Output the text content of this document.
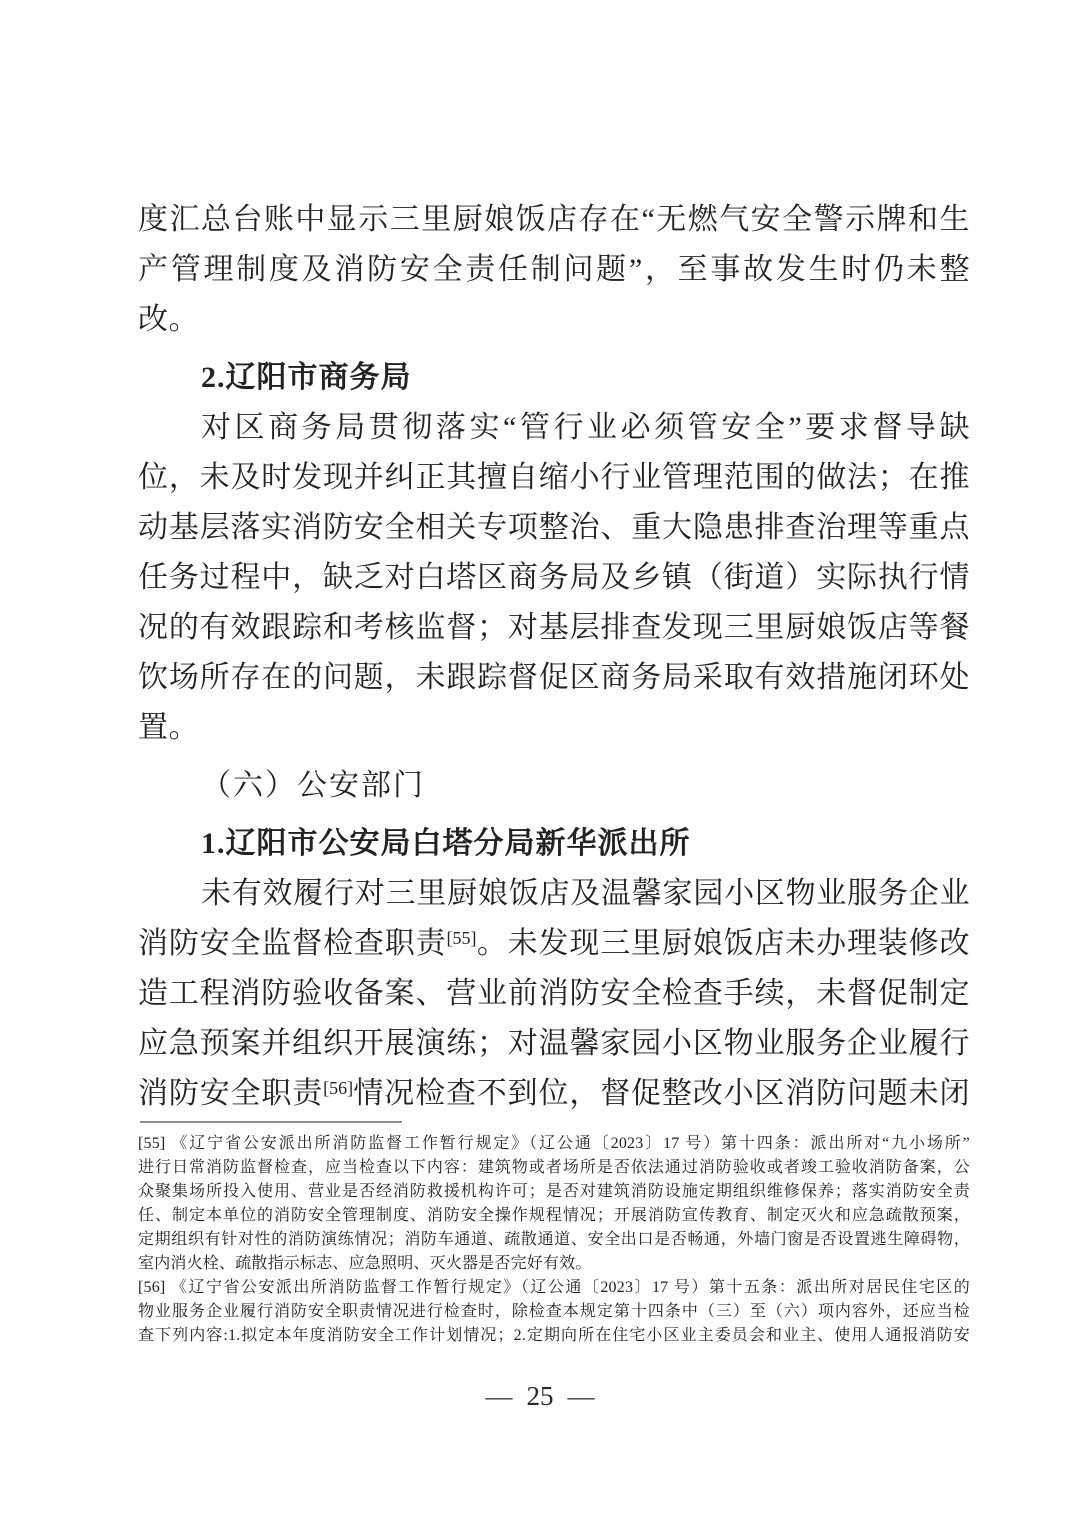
度汇总台账中显示三里厨娘饭店存在“无燃气安全警示牌和生
产管理制度及消防安全责任制问题”，至事故发生时仍未整
改。
2.辽阳市商务局
对区商务局贯彻落实“管行业必须管安全”要求督导缺
位，未及时发现并纠正其擅自缩小行业管理范围的做法；在推
动基层落实消防安全相关专项整治、重大隐患排查治理等重点
任务过程中，缺乏对白塔区商务局及乡镇（街道）实际执行情
况的有效跟踪和考核监督；对基层排查发现三里厨娘饭店等餐
饮场所存在的问题，未跟踪督促区商务局采取有效措施闭环处
置。
（六）公安部门
1.辽阳市公安局白塔分局新华派出所
未有效履行对三里厨娘饭店及温馨家园小区物业服务企业
消防安全监督检查职责[55]。未发现三里厨娘饭店未办理装修改
造工程消防验收备案、营业前消防安全检查手续，未督促制定
应急预案并组织开展演练；对温馨家园小区物业服务企业履行
消防安全职责[56]情况检查不到位，督促整改小区消防问题未闭
[55] 《辽宁省公安派出所消防监督工作暂行规定》（辽公通〔2023〕17 号）第十四条：派出所对“九小场所”
进行日常消防监督检查，应当检查以下内容：建筑物或者场所是否依法通过消防验收或者竣工验收消防备案，公
众聚集场所投入使用、营业是否经消防救援机构许可；是否对建筑消防设施定期组织维修保养；落实消防安全责
任、制定本单位的消防安全管理制度、消防安全操作规程情况；开展消防宣传教育、制定灭火和应急疏散预案，
定期组织有针对性的消防演练情况；消防车通道、疏散通道、安全出口是否畅通，外墙门窗是否设置逃生障碍物，
室内消火栓、疏散指示标志、应急照明、灭火器是否完好有效。
[56] 《辽宁省公安派出所消防监督工作暂行规定》（辽公通〔2023〕17 号）第十五条：派出所对居民住宅区的
物业服务企业履行消防安全职责情况进行检查时，除检查本规定第十四条中（三）至（六）项内容外，还应当检
查下列内容:1.拟定本年度消防安全工作计划情况；2.定期向所在住宅小区业主委员会和业主、使用人通报消防安
— 25 —
